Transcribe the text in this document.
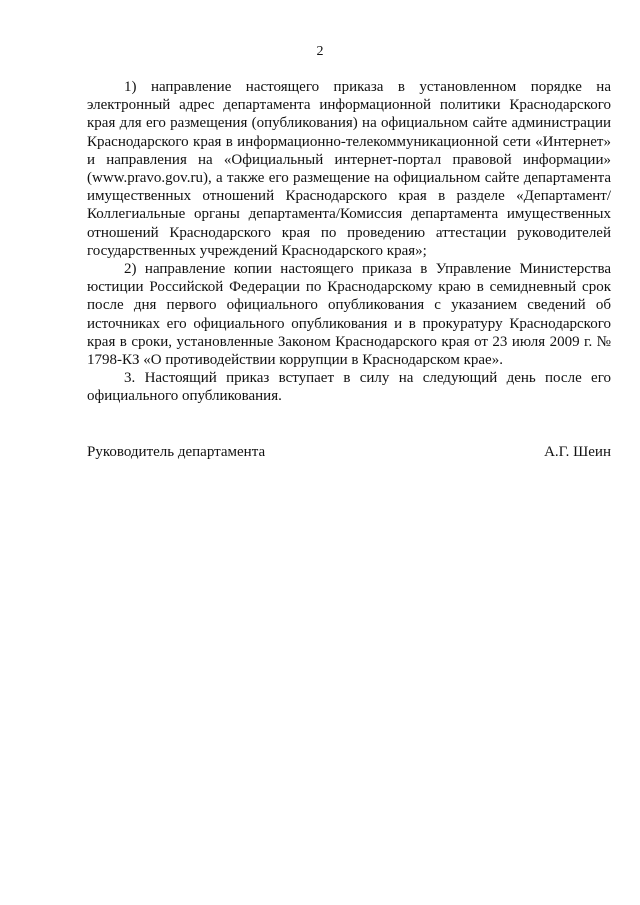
2

1) направление настоящего приказа в установленном порядке на электронный адрес департамента информационной политики Краснодарского края для его размещения (опубликования) на официальном сайте администрации Краснодарского края в информационно-телекоммуникационной сети «Интернет» и направления на «Официальный интернет-портал правовой информации» (www.pravo.gov.ru), а также его размещение на официальном сайте департамента имущественных отношений Краснодарского края в разделе «Департамент/Коллегиальные органы департамента/Комиссия департамента имущественных отношений Краснодарского края по проведению аттестации руководителей государственных учреждений Краснодарского края»;

2) направление копии настоящего приказа в Управление Министерства юстиции Российской Федерации по Краснодарскому краю в семидневный срок после дня первого официального опубликования с указанием сведений об источниках его официального опубликования и в прокуратуру Краснодарского края в сроки, установленные Законом Краснодарского края от 23 июля 2009 г. № 1798-КЗ «О противодействии коррупции в Краснодарском крае».

3. Настоящий приказ вступает в силу на следующий день после его официального опубликования.

Руководитель департамента	А.Г. Шеин
